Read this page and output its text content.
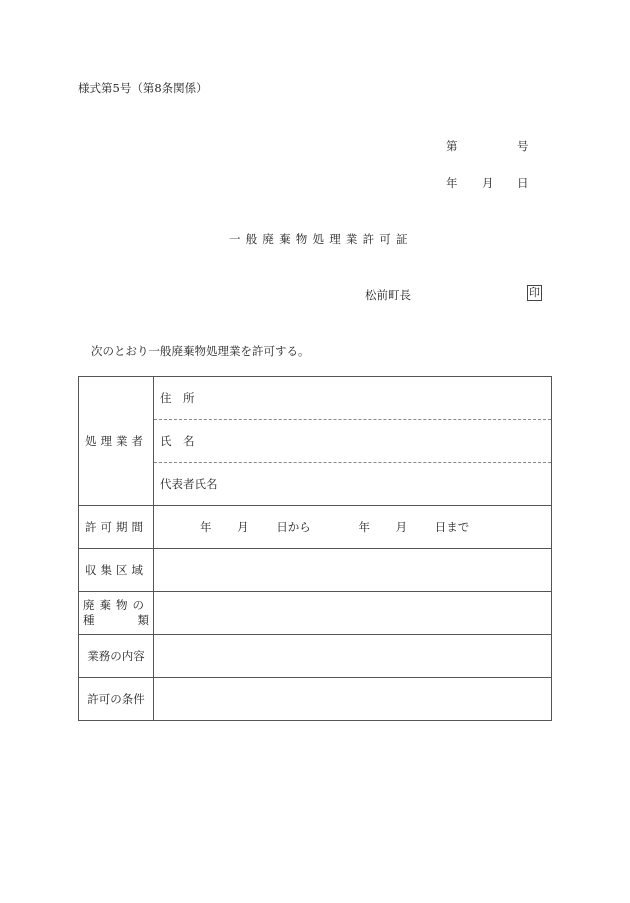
様式第5号（第8条関係）
第	号
年 月 日
一般廃棄物処理業許可証
松前町長	印
次のとおり一般廃棄物処理業を許可する。
処理業者	住　所
氏　名
代表者氏名

許可期間	年 月 日から 年 月 日まで
収集区域	

廃棄物の
種 類	

業務の内容	
許可の条件	
